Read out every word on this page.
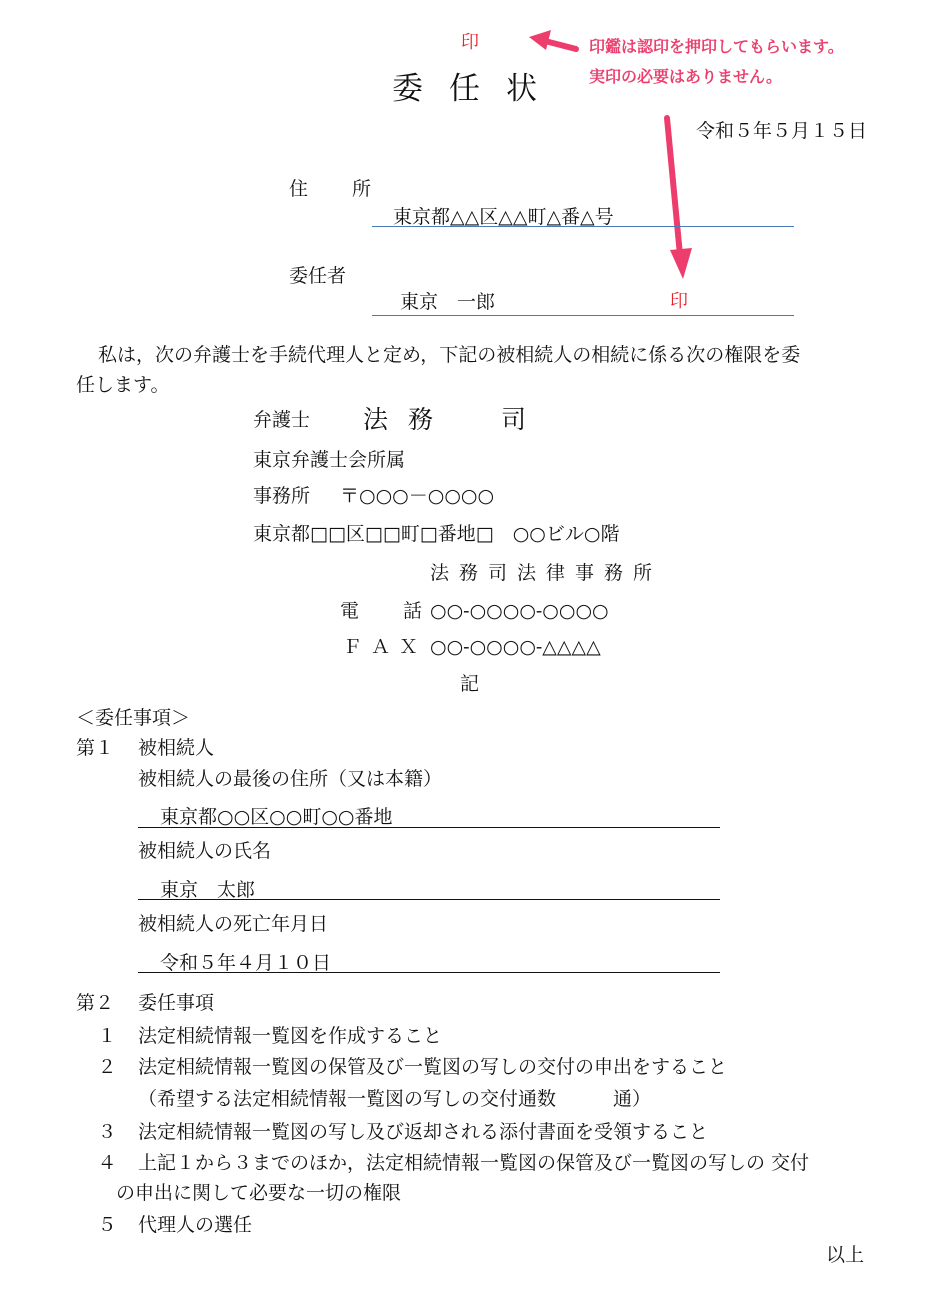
印
委任状
印鑑は認印を押印してもらいます。
実印の必要はありません。
令和５年５月１５日
住 所
東京都△△区△△町△番△号
委任者
東京　一郎	印
私は，次の弁護士を手続代理人と定め，下記の被相続人の相続に係る次の権限を委
任します。
弁護士 法 務　　司
東京弁護士会所属
事務所 〒○○○－○○○○
東京都□□区□□町□番地□　○○ビル○階
法務司法律事務所
電 話
○○-○○○○-○○○○
ＦＡＸ ○○-○○○○-△△△△
記
＜委任事項＞
第１ 被相続人
被相続人の最後の住所（又は本籍）
東京都○○区○○町○○番地
被相続人の氏名
東京　太郎
被相続人の死亡年月日
令和５年４月１０日
第２ 委任事項
１ 法定相続情報一覧図を作成すること
２ 法定相続情報一覧図の保管及び一覧図の写しの交付の申出をすること
（希望する法定相続情報一覧図の写しの交付通数　　　通）
３ 法定相続情報一覧図の写し及び返却される添付書面を受領すること
４ 上記１から３までのほか，法定相続情報一覧図の保管及び一覧図の写しの 交付
の申出に関して必要な一切の権限
５ 代理人の選任
以上
